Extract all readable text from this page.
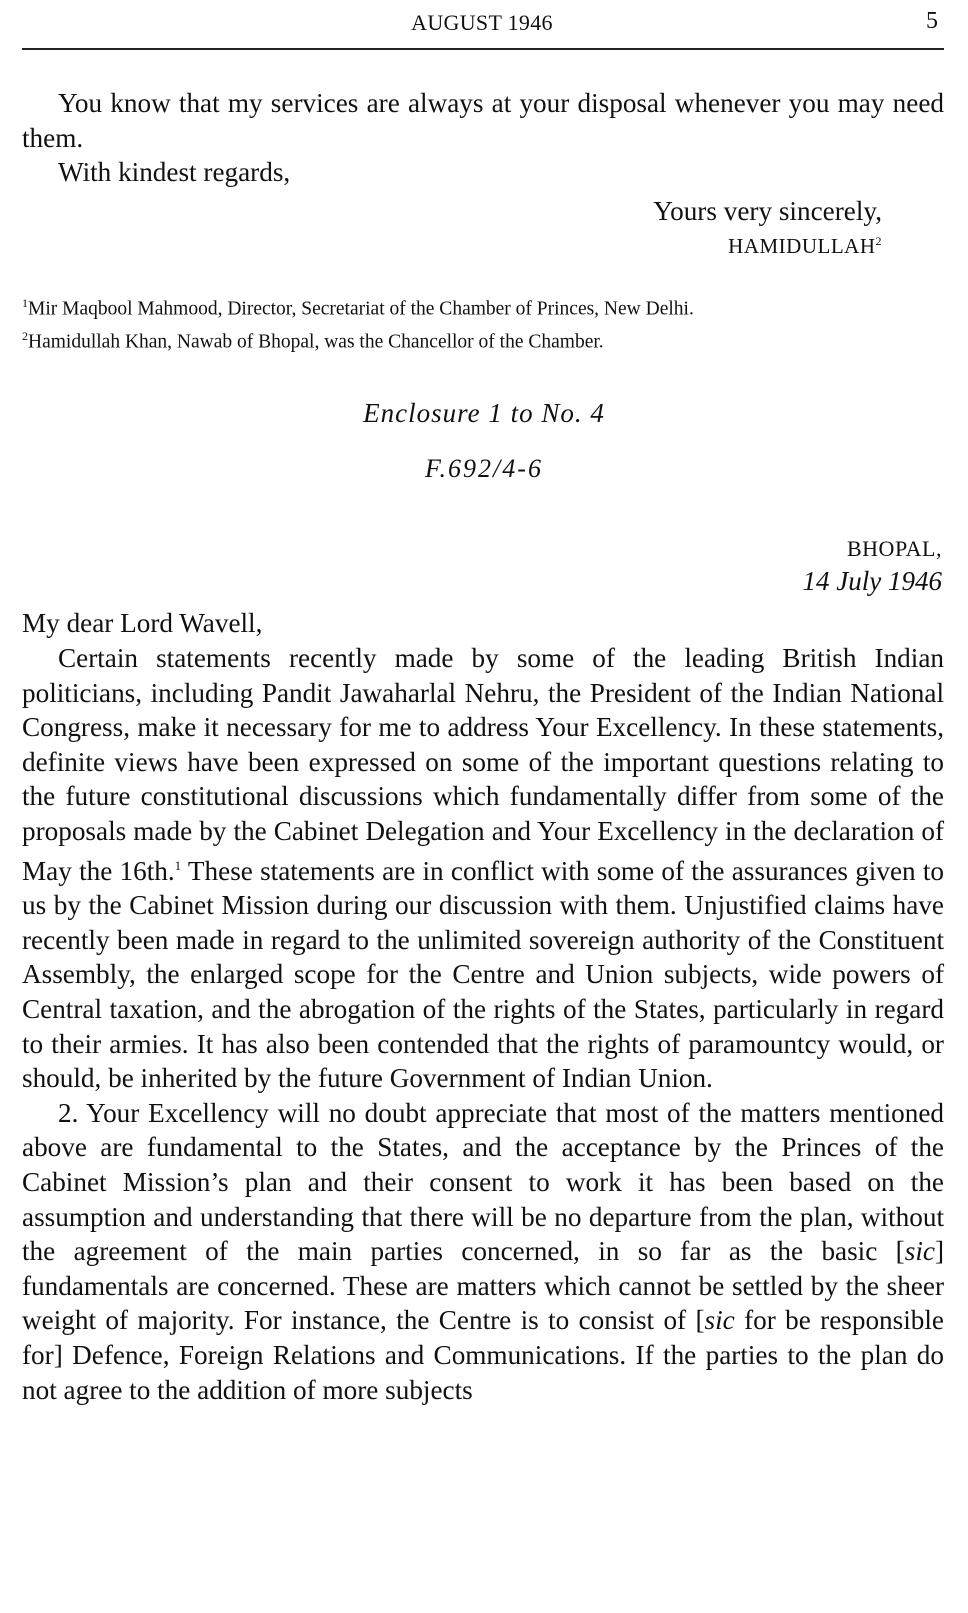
AUGUST 1946	5

You know that my services are always at your disposal whenever you may need them.

With kindest regards,

Yours very sincerely,
HAMIDULLAH$^2$

$^1$Mir Maqbool Mahmood, Director, Secretariat of the Chamber of Princes, New Delhi.

$^2$Hamidullah Khan, Nawab of Bhopal, was the Chancellor of the Chamber.

Enclosure 1 to No. 4
F.692/4-6
BHOPAL,
14 July 1946
My dear Lord Wavell,

Certain statements recently made by some of the leading British Indian politicians, including Pandit Jawaharlal Nehru, the President of the Indian National Congress, make it necessary for me to address Your Excellency. In these statements, definite views have been expressed on some of the important questions relating to the future constitutional discussions which fundamentally differ from some of the proposals made by the Cabinet Delegation and Your Excellency in the declaration of May the 16th.$^1$ These statements are in conflict with some of the assurances given to us by the Cabinet Mission during our discussion with them. Unjustified claims have recently been made in regard to the unlimited sovereign authority of the Constituent Assembly, the enlarged scope for the Centre and Union subjects, wide powers of Central taxation, and the abrogation of the rights of the States, particularly in regard to their armies. It has also been contended that the rights of paramountcy would, or should, be inherited by the future Government of Indian Union.

2. Your Excellency will no doubt appreciate that most of the matters mentioned above are fundamental to the States, and the acceptance by the Princes of the Cabinet Mission’s plan and their consent to work it has been based on the assumption and understanding that there will be no departure from the plan, without the agreement of the main parties concerned, in so far as the basic [sic] fundamentals are concerned. These are matters which cannot be settled by the sheer weight of majority. For instance, the Centre is to consist of [sic for be responsible for] Defence, Foreign Relations and Communications. If the parties to the plan do not agree to the addition of more subjects
